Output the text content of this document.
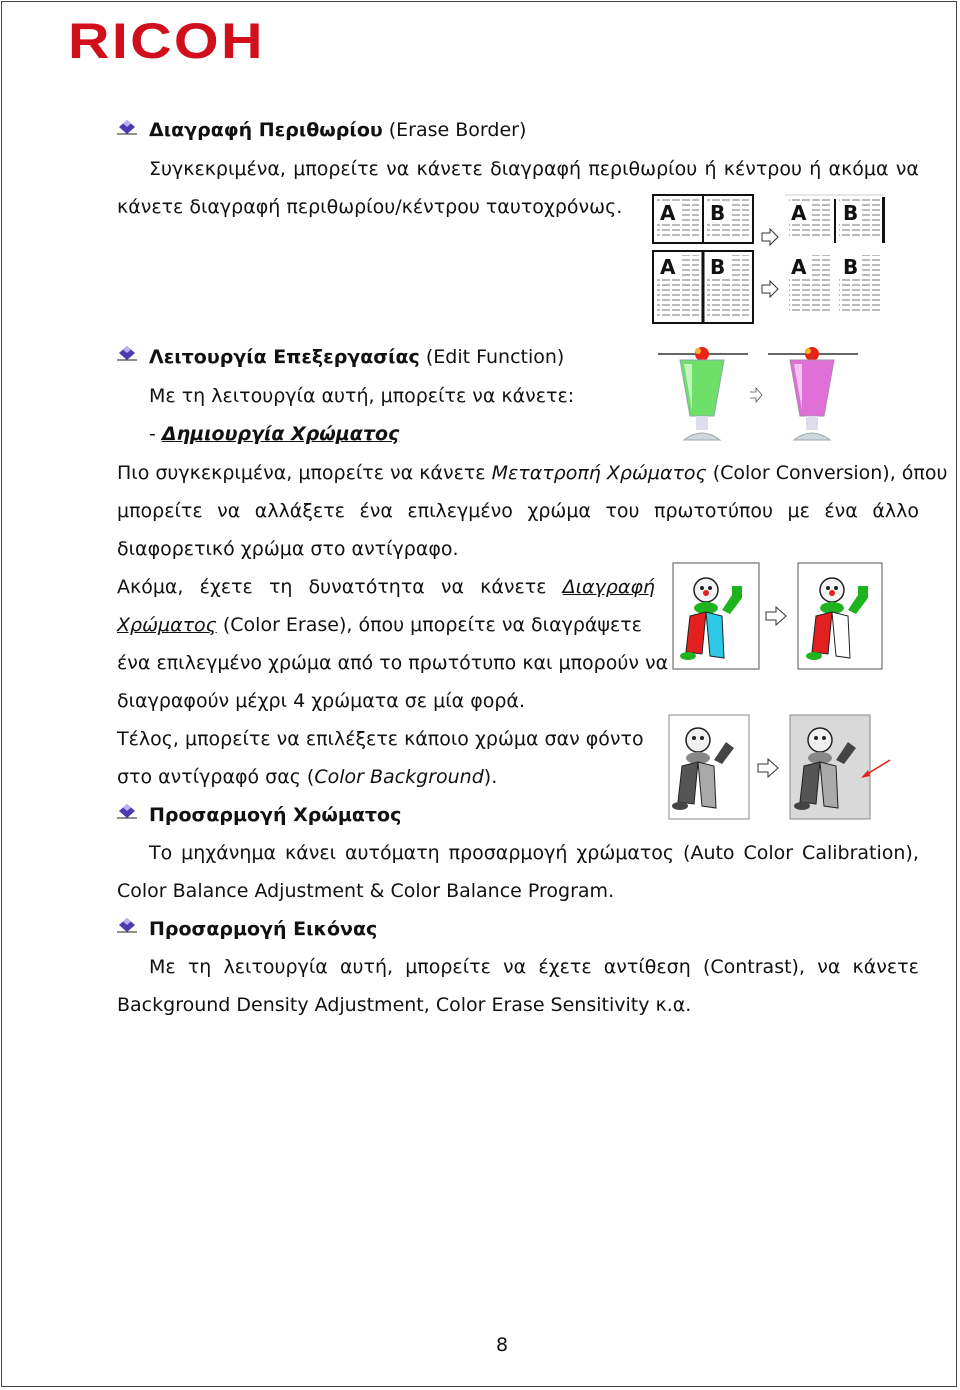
RICOH
Διαγραφή Περιθωρίου (Erase Border)
Συγκεκριμένα, μπορείτε να κάνετε διαγραφή περιθωρίου ή κέντρου ή ακόμα να
κάνετε διαγραφή περιθωρίου/κέντρου ταυτοχρόνως. A B	A B
A B	A B
Λειτουργία Επεξεργασίας (Edit Function)
Με τη λειτουργία αυτή, μπορείτε να κάνετε:
- Δημιουργία Χρώματος
Πιο συγκεκριμένα, μπορείτε να κάνετε Μετατροπή Χρώματος (Color Conversion), όπου
μπορείτε να αλλάξετε ένα επιλεγμένο χρώμα του πρωτοτύπου με ένα άλλο
διαφορετικό χρώμα στο αντίγραφο.
Ακόμα, έχετε τη δυνατότητα να κάνετε Διαγραφή
Χρώματος (Color Erase), όπου μπορείτε να διαγράψετε
ένα επιλεγμένο χρώμα από το πρωτότυπο και μπορούν να
διαγραφούν μέχρι 4 χρώματα σε μία φορά.
Τέλος, μπορείτε να επιλέξετε κάποιο χρώμα σαν φόντο
στο αντίγραφό σας (Color Background).
Προσαρμογή Χρώματος
Το μηχάνημα κάνει αυτόματη προσαρμογή χρώματος (Auto Color Calibration),
Color Balance Adjustment & Color Balance Program.
Προσαρμογή Εικόνας
Με τη λειτουργία αυτή, μπορείτε να έχετε αντίθεση (Contrast), να κάνετε
Background Density Adjustment, Color Erase Sensitivity κ.α.
8
